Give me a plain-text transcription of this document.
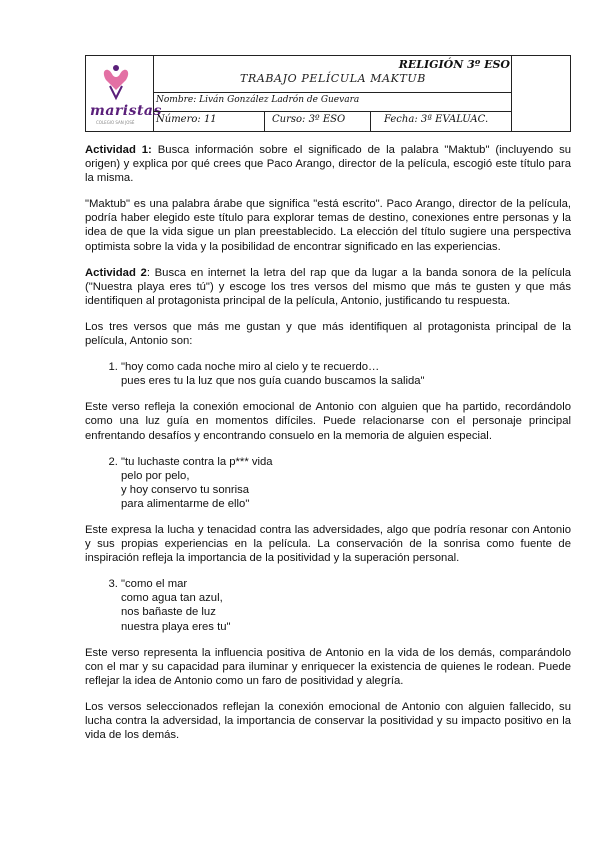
maristas
COLEGIO SAN JOSÉ
RELIGIÓN 3º ESO
TRABAJO PELÍCULA MAKTUB
Nombre: Liván González Ladrón de Guevara
Número: 11	Curso: 3º ESO	Fecha: 3ª EVALUAC.

Actividad 1: Busca información sobre el significado de la palabra "Maktub" (incluyendo su origen) y explica por qué crees que Paco Arango, director de la película, escogió este título para la misma.

"Maktub" es una palabra árabe que significa "está escrito". Paco Arango, director de la película, podría haber elegido este título para explorar temas de destino, conexiones entre personas y la idea de que la vida sigue un plan preestablecido. La elección del título sugiere una perspectiva optimista sobre la vida y la posibilidad de encontrar significado en las experiencias.

Actividad 2: Busca en internet la letra del rap que da lugar a la banda sonora de la película ("Nuestra playa eres tú") y escoge los tres versos del mismo que más te gusten y que más identifiquen al protagonista principal de la película, Antonio, justificando tu respuesta.

Los tres versos que más me gustan y que más identifiquen al protagonista principal de la película, Antonio son:

1. "hoy como cada noche miro al cielo y te recuerdo…
pues eres tu la luz que nos guía cuando buscamos la salida"

Este verso refleja la conexión emocional de Antonio con alguien que ha partido, recordándolo como una luz guía en momentos difíciles. Puede relacionarse con el personaje principal enfrentando desafíos y encontrando consuelo en la memoria de alguien especial.

2. "tu luchaste contra la p*** vida
pelo por pelo,
y hoy conservo tu sonrisa
para alimentarme de ello"

Este expresa la lucha y tenacidad contra las adversidades, algo que podría resonar con Antonio y sus propias experiencias en la película. La conservación de la sonrisa como fuente de inspiración refleja la importancia de la positividad y la superación personal.

3. "como el mar
como agua tan azul,
nos bañaste de luz
nuestra playa eres tu"

Este verso representa la influencia positiva de Antonio en la vida de los demás, comparándolo con el mar y su capacidad para iluminar y enriquecer la existencia de quienes le rodean. Puede reflejar la idea de Antonio como un faro de positividad y alegría.

Los versos seleccionados reflejan la conexión emocional de Antonio con alguien fallecido, su lucha contra la adversidad, la importancia de conservar la positividad y su impacto positivo en la vida de los demás.
